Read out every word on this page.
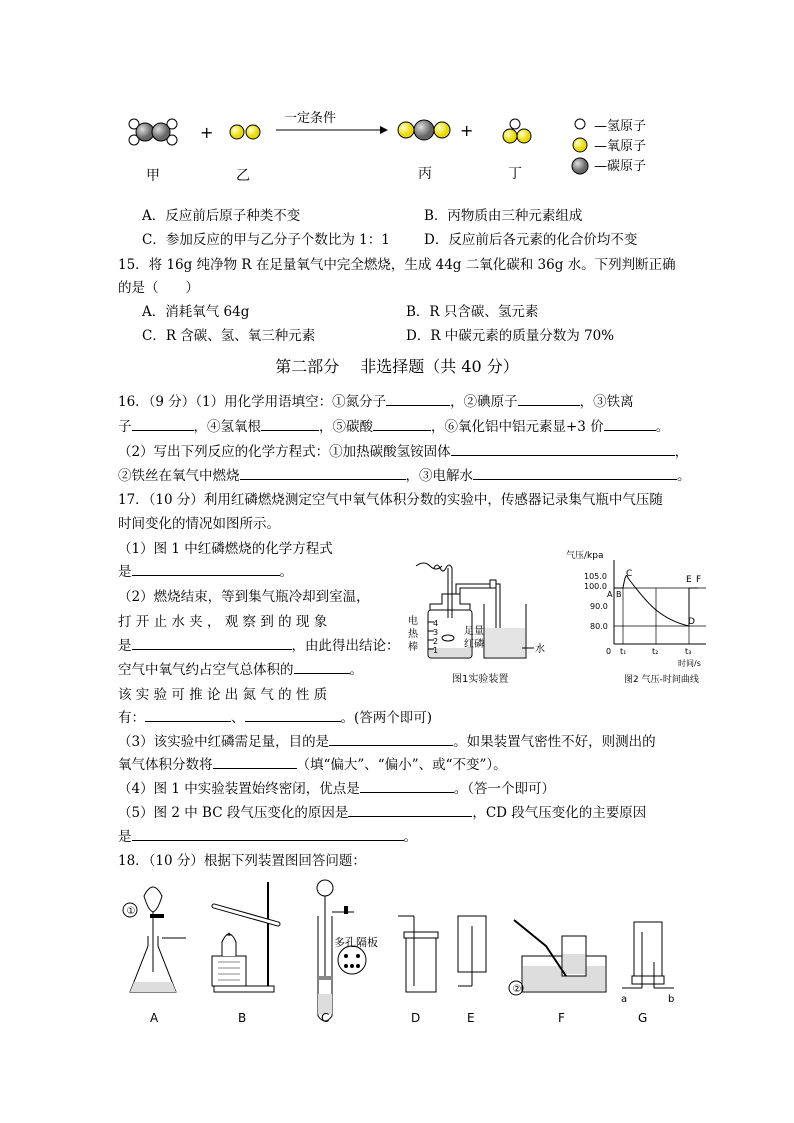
+
一定条件
+	—氢原子
—氧原子
—碳原子
甲	乙	丙	丁
A．反应前后原子种类不变	B．丙物质由三种元素组成
C．参加反应的甲与乙分子个数比为 1：1	D．反应前后各元素的化合价均不变
15．将 16g 纯净物 R 在足量氧气中完全燃烧，生成 44g 二氧化碳和 36g 水。下列判断正确
的是（　　）
A．消耗氧气 64g	B．R 只含碳、氢元素
C．R 含碳、氢、氧三种元素	D．R 中碳元素的质量分数为 70%
第二部分　 非选择题（共 40 分）
16．（9 分）（1）用化学用语填空：①氮分子	，②碘原子	，③铁离
子	，④氢氧根	，⑤碳酸	，⑥氧化铝中铝元素显+3 价	。
（2）写出下列反应的化学方程式：①加热碳酸氢铵固体	，
②铁丝在氧气中燃烧	，③电解水	。
17．（10 分）利用红磷燃烧测定空气中氧气体积分数的实验中，传感器记录集气瓶中气压随
时间变化的情况如图所示。
（1）图 1 中红磷燃烧的化学方程式
是	。
（2）燃烧结束，等到集气瓶冷却到室温，
打 开 止 水 夹 ， 观 察 到 的 现 象
是	，由此得出结论：
空气中氧气约占空气总体积的	。
该 实 验 可 推 论 出 氮 气 的 性 质
有：	、	。(答两个即可)
（3）该实验中红磷需足量，目的是	。如果装置气密性不好，则测出的
氧气体积分数将	（填“偏大”、“偏小”、或“不变”）。
（4）图 1 中实验装置始终密闭，优点是	。（答一个即可）
（5）图 2 中 BC 段气压变化的原因是	，CD 段气压变化的主要原因
是	。
4
3
2
1	水
电
热
棒
足量
红磷
图1实验装置
气压/kpa
105.0
100.0
90.0
80.0
A B
C
D
E F
0 t₁	t₂	t₃
时间/s
图2 气压-时间曲线
18．（10 分）根据下列装置图回答问题：
①
多孔隔板
②
a	b
A	B	C	D	E	F	G
